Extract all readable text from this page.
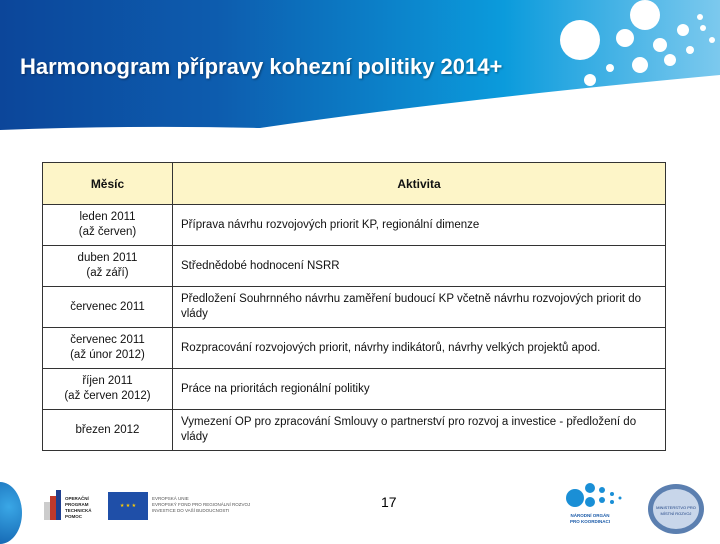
Harmonogram přípravy kohezní politiky 2014+
Měsíc	Aktivita

leden 2011
(až červen)	Příprava návrhu rozvojových priorit KP, regionální dimenze

duben 2011
(až září)	Střednědobé hodnocení NSRR

červenec 2011	Předložení Souhrnného návrhu zaměření budoucí KP včetně návrhu rozvojových priorit do vlády

červenec 2011
(až únor 2012)	Rozpracování rozvojových priorit, návrhy indikátorů, návrhy velkých projektů apod.

říjen 2011
(až červen 2012)	Práce na prioritách regionální politiky

březen 2012	Vymezení OP pro zpracování Smlouvy o partnerství pro rozvoj a investice - předložení do vlády
OPERAČNÍ
PROGRAM
TECHNICKÁ
POMOC
★ ★ ★
EVROPSKÁ UNIE
EVROPSKÝ FOND PRO REGIONÁLNÍ ROZVOJ
INVESTICE DO VAŠÍ BUDOUCNOSTI
17
NÁRODNÍ ORGÁN
PRO KOORDINACI
MINISTERSTVO PRO MÍSTNÍ ROZVOJ
